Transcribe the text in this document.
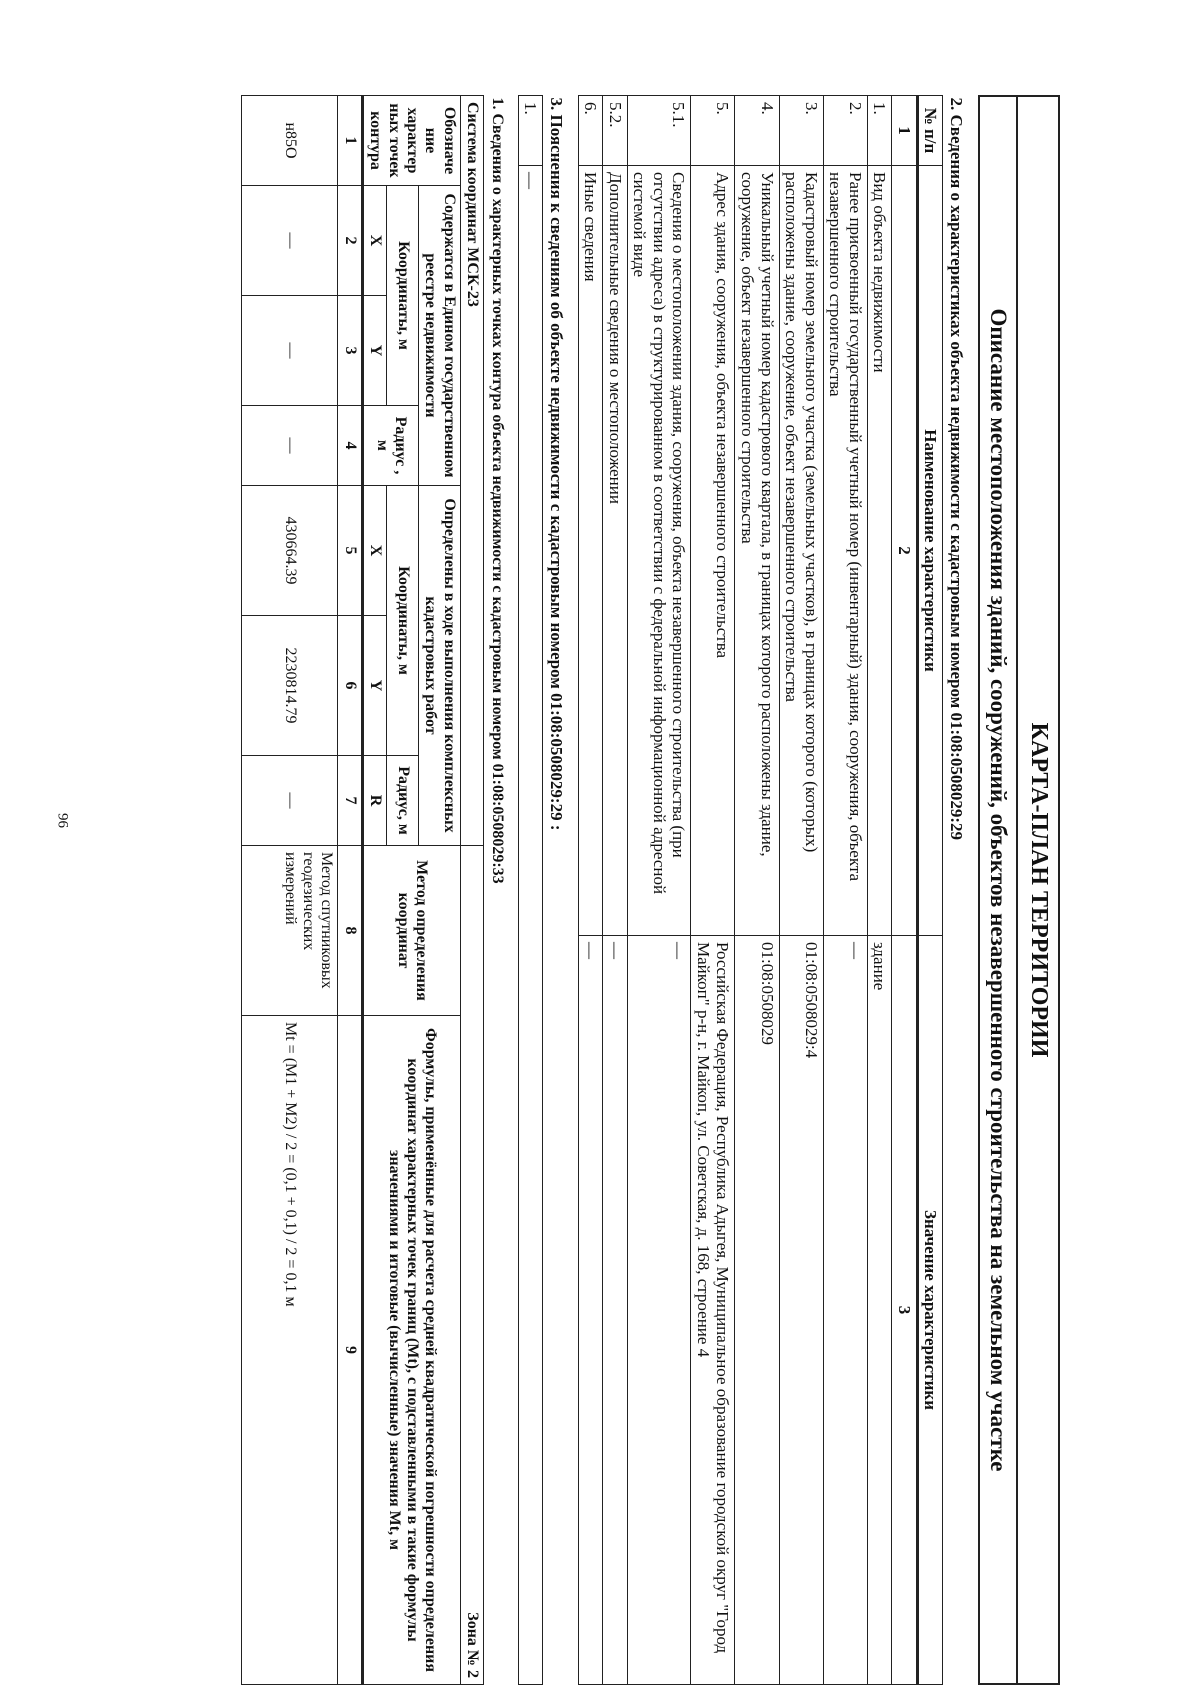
96	КАРТА-ПЛАН ТЕРРИТОРИИ
Описание местоположения зданий, сооружений, объектов незавершенного строительства на земельном участке
2. Сведения о характеристиках объекта недвижимости с кадастровым номером 01:08:0508029:29		
№ п/п	Наименование характеристики	Значение характеристики
1	2	3
1.	Вид объекта недвижимости	здание
2.	Ранее присвоенный государственный учетный номер (инвентарный) здания, сооружения, объекта незавершенного строительства	—
3.	Кадастровый номер земельного участка (земельных участков), в границах которого (которых) расположены здание, сооружение, объект незавершенного строительства	01:08:0508029:4
4.	Уникальный учетный номер кадастрового квартала, в границах которого расположены здание, сооружение, объект незавершенного строительства	01:08:0508029
5.	Адрес здания, сооружения, объекта незавершенного строительства	Российская Федерация, Республика Адыгея, Муниципальное образование городской округ "Город Майкоп" р-н, г. Майкоп, ул. Советская, д. 168, строение 4
5.1.	Сведения о местоположении здания, сооружения, объекта незавершенного строительства (при отсутствии адреса) в структурированном в соответствии с федеральной информационной адресной системой виде	—
5.2.	Дополнительные сведения о местоположении	—
6.	Иные сведения	—
3. Пояснения к сведениям об объекте недвижимости с кадастровым номером 01:08:0508029:29 :
1.	—
1. Сведения о характерных точках контура объекта недвижимости с кадастровым номером 01:08:0508029:33								
Система координат МСК-23							Зона № 2	
Обозначе ние характер ных точек контура	Содержатся в Едином государственном реестре недвижимости			Определены в ходе выполнения комплексных кадастровых работ			Метод определения координат	Формулы, применённые для расчета средней квадратической погрешности определения координат характерных точек границ (Mt), с подставленными в такие формулы значениями и итоговые (вычисленные) значения Mt, м
	Координаты, м		Радиус , м	Координаты, м		Радиус, м		
	X	Y		X	Y	R		
1	2	3	4	5	6	7	8	9
н85О	—	—	—	430664.39	2230814.79	—	Метод спутниковых геодезических измерений	Mt = (M1 + M2) / 2 = (0,1 + 0,1) / 2 = 0,1 м
